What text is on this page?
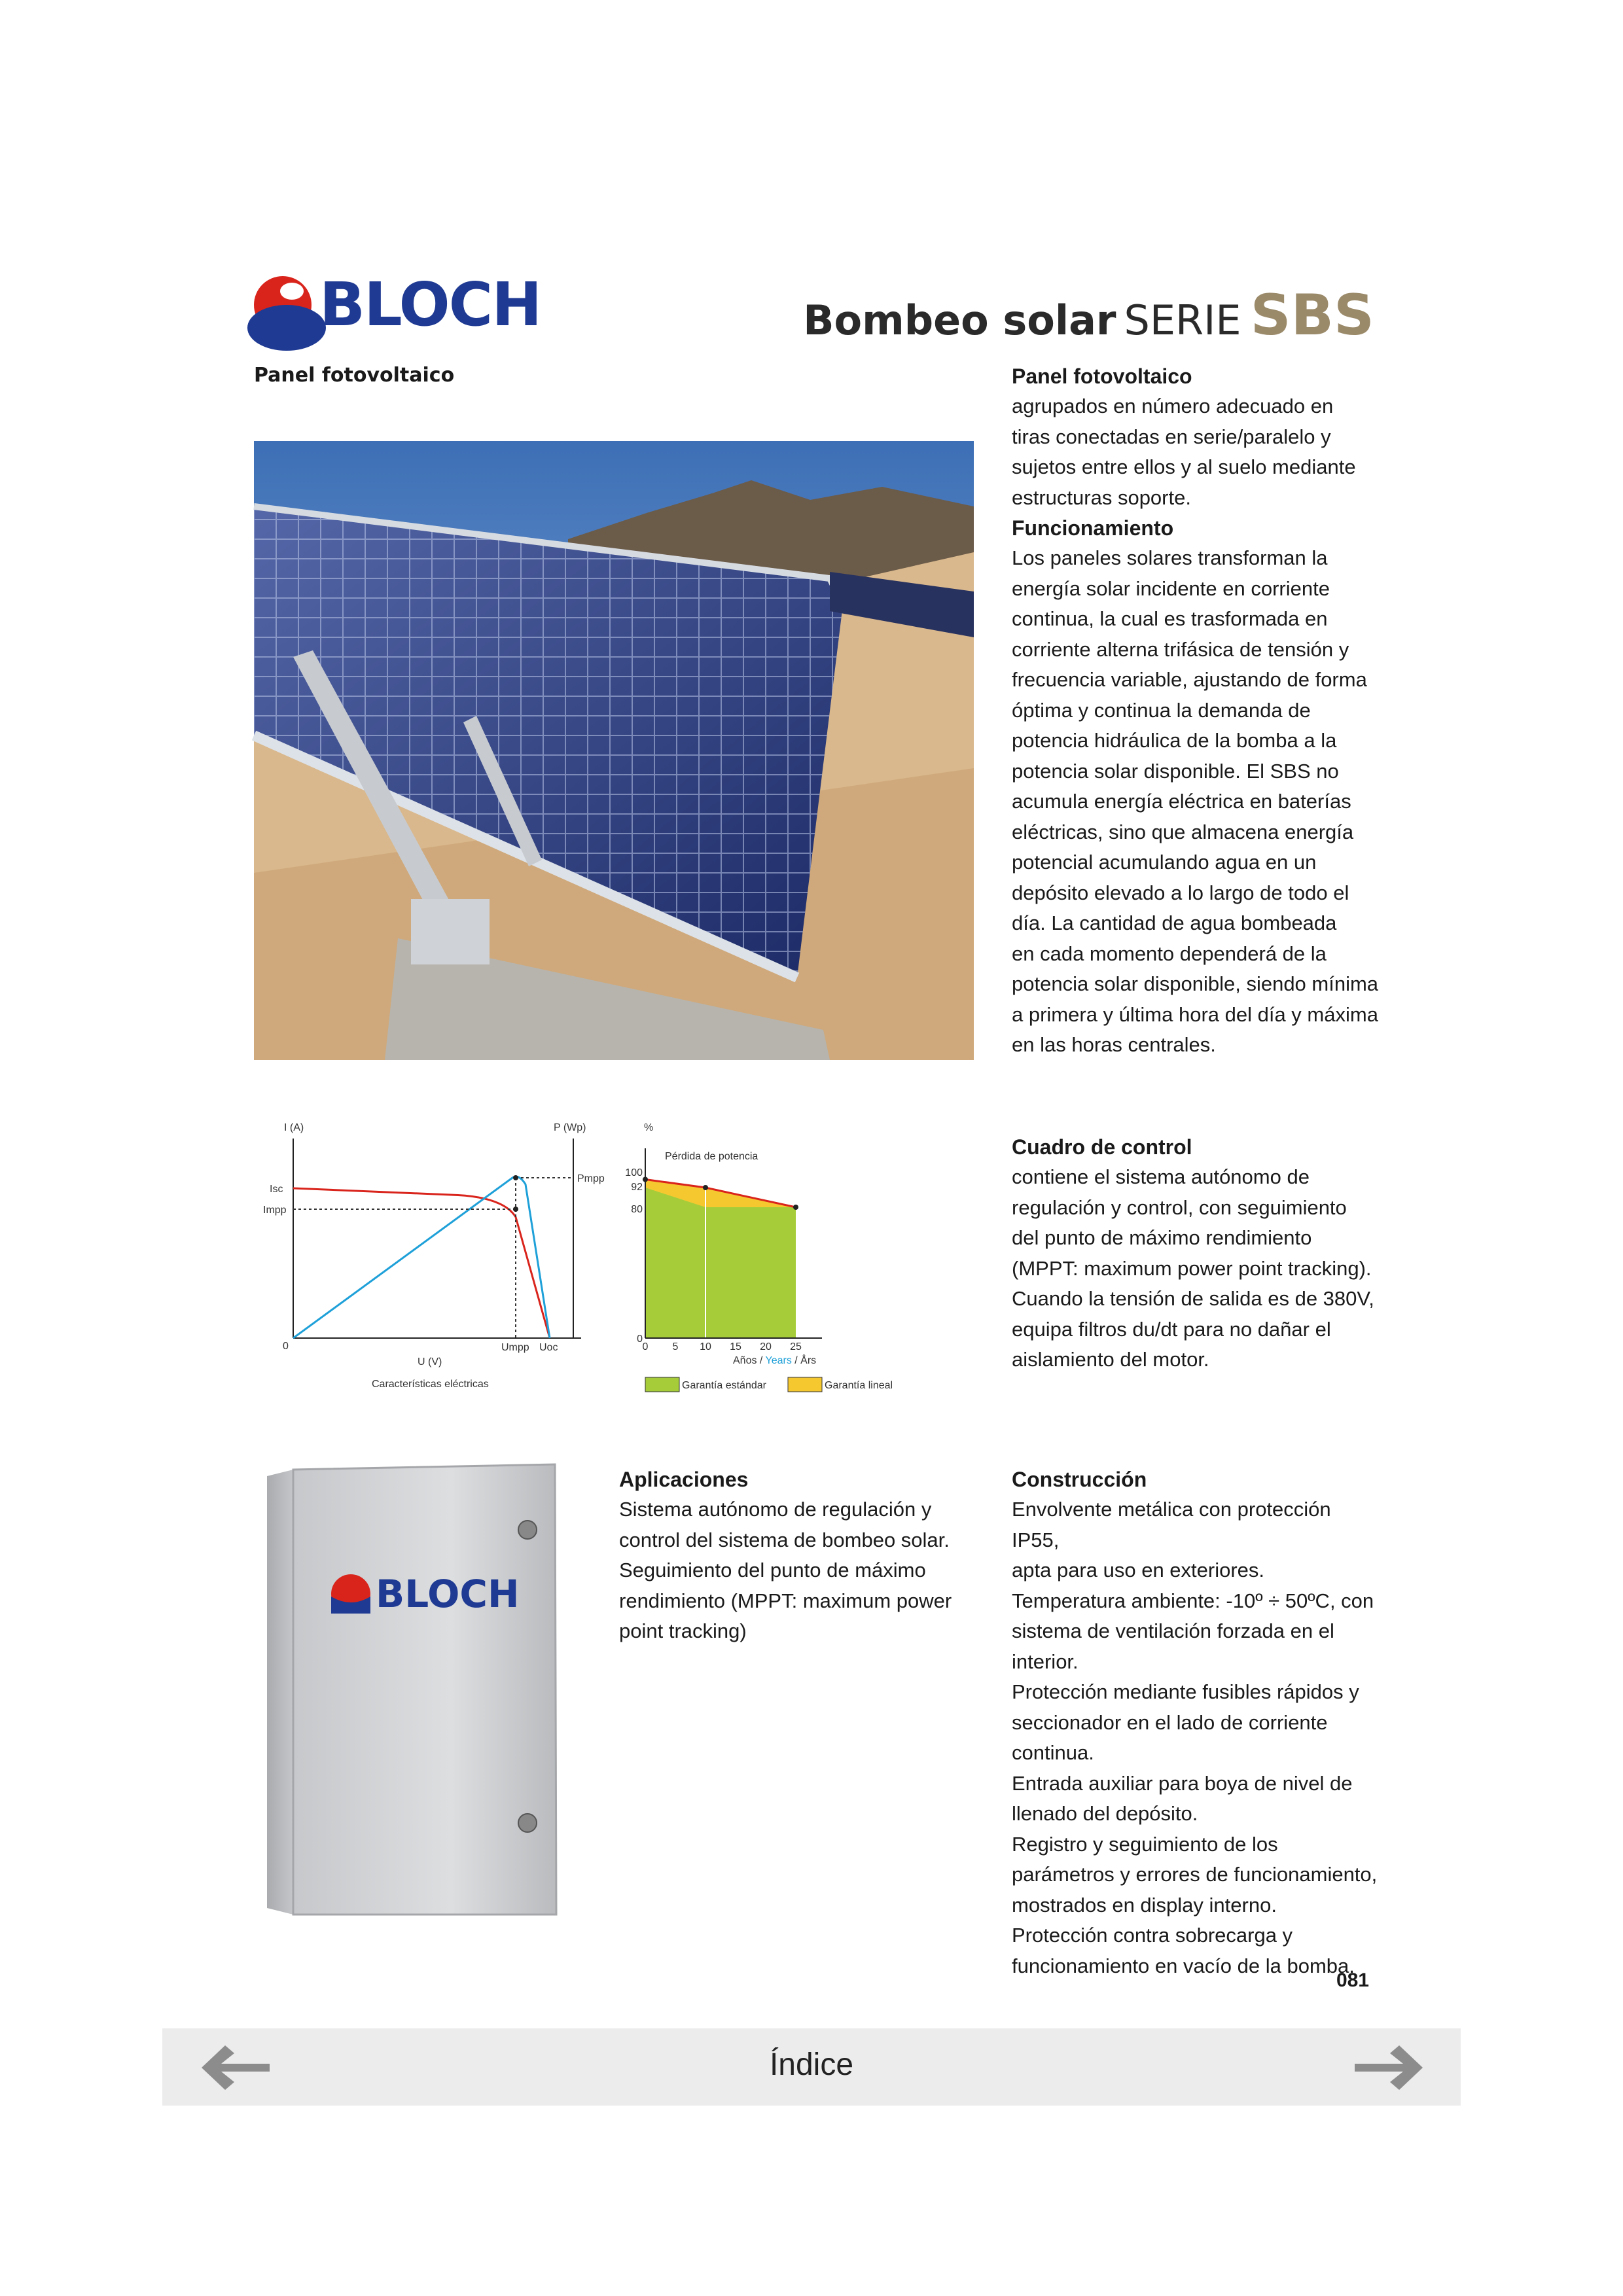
BLOCH	Bombeo solar SERIE SBS
Panel fotovoltaico	Panel fotovoltaico

agrupados en número adecuado en

tiras conectadas en serie/paralelo y

sujetos entre ellos y al suelo mediante

estructuras soporte.

Funcionamiento

Los paneles solares transforman la

energía solar incidente en corriente

continua, la cual es trasformada en

corriente alterna trifásica de tensión y

frecuencia variable, ajustando de forma

óptima y continua la demanda de

potencia hidráulica de la bomba a la

potencia solar disponible. El SBS no

acumula energía eléctrica en baterías

eléctricas, sino que almacena energía

potencial acumulando agua en un

depósito elevado a lo largo de todo el

día. La cantidad de agua bombeada

en cada momento dependerá de la

potencia solar disponible, siendo mínima

a primera y última hora del día y máxima

en las horas centrales.

I (A)	P (Wp)
Isc
Impp
Pmpp
0	Umpp Uoc
U (V)
Características eléctricas
%
Pérdida de potencia
0
80
92
100
0 5 10 15 20 25
Años / Years / Års
Garantía estándar	Garantía lineal

Cuadro de control

contiene el sistema autónomo de

regulación y control, con seguimiento

del punto de máximo rendimiento

(MPPT: maximum power point tracking).

Cuando la tensión de salida es de 380V,

equipa filtros du/dt para no dañar el

aislamiento del motor.

BLOCH

Aplicaciones

Sistema autónomo de regulación y

control del sistema de bombeo solar.

Seguimiento del punto de máximo

rendimiento (MPPT: maximum power

point tracking)

Construcción

Envolvente metálica con protección IP55,

apta para uso en exteriores.

Temperatura ambiente: -10º ÷ 50ºC, con

sistema de ventilación forzada en el interior.

Protección mediante fusibles rápidos y

seccionador en el lado de corriente

continua.

Entrada auxiliar para boya de nivel de

llenado del depósito.

Registro y seguimiento de los

parámetros y errores de funcionamiento,

mostrados en display interno.

Protección contra sobrecarga y

funcionamiento en vacío de la bomba.

081
Índice
